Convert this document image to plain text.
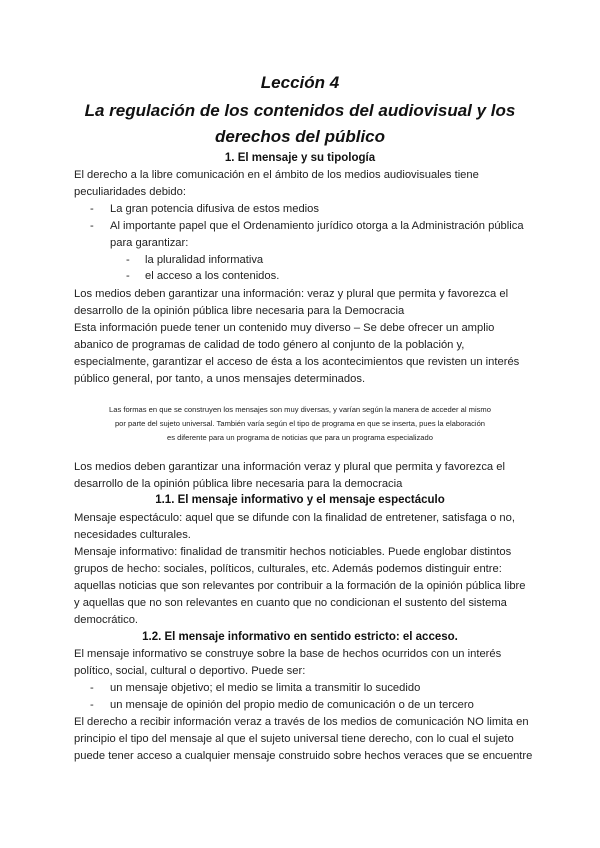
Lección 4
La regulación de los contenidos del audiovisual y los
derechos del público
1. El mensaje y su tipología
El derecho a la libre comunicación en el ámbito de los medios audiovisuales tiene
peculiaridades debido:
- La gran potencia difusiva de estos medios
- Al importante papel que el Ordenamiento jurídico otorga a la Administración pública
para garantizar:
- la pluralidad informativa
- el acceso a los contenidos.
Los medios deben garantizar una información: veraz y plural que permita y favorezca el
desarrollo de la opinión pública libre necesaria para la Democracia
Esta información puede tener un contenido muy diverso – Se debe ofrecer un amplio
abanico de programas de calidad de todo género al conjunto de la población y,
especialmente, garantizar el acceso de ésta a los acontecimientos que revisten un interés
público general, por tanto, a unos mensajes determinados.
Las formas en que se construyen los mensajes son muy diversas, y varían según la manera de acceder al mismo
por parte del sujeto universal. También varía según el tipo de programa en que se inserta, pues la elaboración
es diferente para un programa de noticias que para un programa especializado
Los medios deben garantizar una información veraz y plural que permita y favorezca el
desarrollo de la opinión pública libre necesaria para la democracia
1.1. El mensaje informativo y el mensaje espectáculo
Mensaje espectáculo: aquel que se difunde con la finalidad de entretener, satisfaga o no,
necesidades culturales.
Mensaje informativo: finalidad de transmitir hechos noticiables. Puede englobar distintos
grupos de hecho: sociales, políticos, culturales, etc. Además podemos distinguir entre:
aquellas noticias que son relevantes por contribuir a la formación de la opinión pública libre
y aquellas que no son relevantes en cuanto que no condicionan el sustento del sistema
democrático.
1.2. El mensaje informativo en sentido estricto: el acceso.
El mensaje informativo se construye sobre la base de hechos ocurridos con un interés
político, social, cultural o deportivo. Puede ser:
- un mensaje objetivo; el medio se limita a transmitir lo sucedido
- un mensaje de opinión del propio medio de comunicación o de un tercero
El derecho a recibir información veraz a través de los medios de comunicación NO limita en
principio el tipo del mensaje al que el sujeto universal tiene derecho, con lo cual el sujeto
puede tener acceso a cualquier mensaje construido sobre hechos veraces que se encuentre
